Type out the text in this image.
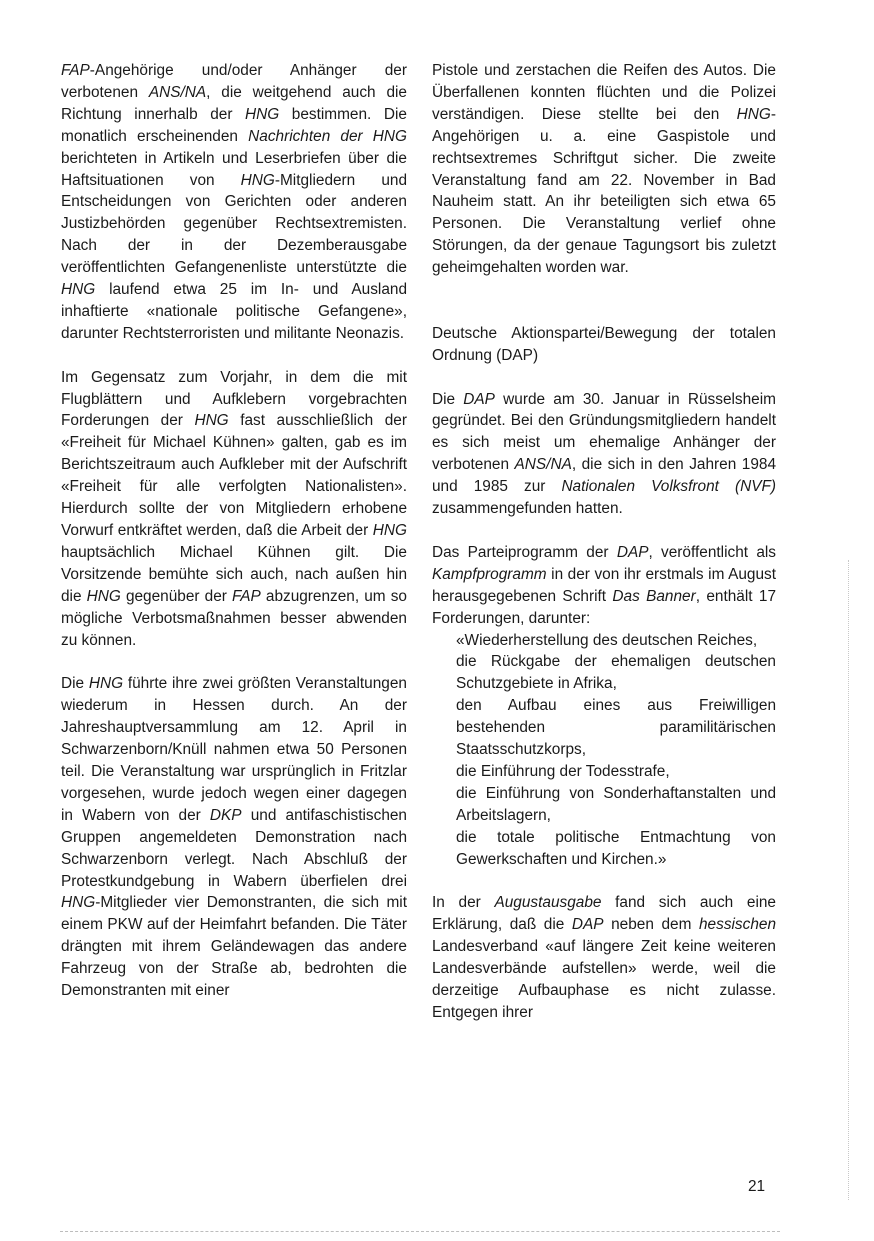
FAP-Angehörige und/oder Anhänger der verbotenen ANS/NA, die weitgehend auch die Richtung innerhalb der HNG bestimmen. Die monatlich erscheinenden Nachrichten der HNG berichteten in Artikeln und Leserbriefen über die Haftsituationen von HNG-Mitgliedern und Entscheidungen von Gerichten oder anderen Justizbehörden gegenüber Rechtsextremisten. Nach der in der Dezemberausgabe veröffentlichten Gefangenenliste unterstützte die HNG laufend etwa 25 im In- und Ausland inhaftierte «nationale politische Gefangene», darunter Rechtsterroristen und militante Neonazis.

Im Gegensatz zum Vorjahr, in dem die mit Flugblättern und Aufklebern vorgebrachten Forderungen der HNG fast ausschließlich der «Freiheit für Michael Kühnen» galten, gab es im Berichtszeitraum auch Aufkleber mit der Aufschrift «Freiheit für alle verfolgten Nationalisten». Hierdurch sollte der von Mitgliedern erhobene Vorwurf entkräftet werden, daß die Arbeit der HNG hauptsächlich Michael Kühnen gilt. Die Vorsitzende bemühte sich auch, nach außen hin die HNG gegenüber der FAP abzugrenzen, um so mögliche Verbotsmaßnahmen besser abwenden zu können.

Die HNG führte ihre zwei größten Veranstaltungen wiederum in Hessen durch. An der Jahreshauptversammlung am 12. April in Schwarzenborn/Knüll nahmen etwa 50 Personen teil. Die Veranstaltung war ursprünglich in Fritzlar vorgesehen, wurde jedoch wegen einer dagegen in Wabern von der DKP und antifaschistischen Gruppen angemeldeten Demonstration nach Schwarzenborn verlegt. Nach Abschluß der Protestkundgebung in Wabern überfielen drei HNG-Mitglieder vier Demonstranten, die sich mit einem PKW auf der Heimfahrt befanden. Die Täter drängten mit ihrem Geländewagen das andere Fahrzeug von der Straße ab, bedrohten die Demonstranten mit einer

Pistole und zerstachen die Reifen des Autos. Die Überfallenen konnten flüchten und die Polizei verständigen. Diese stellte bei den HNG-Angehörigen u. a. eine Gaspistole und rechtsextremes Schriftgut sicher. Die zweite Veranstaltung fand am 22. November in Bad Nauheim statt. An ihr beteiligten sich etwa 65 Personen. Die Veranstaltung verlief ohne Störungen, da der genaue Tagungsort bis zuletzt geheimgehalten worden war.

Deutsche Aktionspartei/Bewegung der totalen Ordnung (DAP)

Die DAP wurde am 30. Januar in Rüsselsheim gegründet. Bei den Gründungsmitgliedern handelt es sich meist um ehemalige Anhänger der verbotenen ANS/NA, die sich in den Jahren 1984 und 1985 zur Nationalen Volksfront (NVF) zusammengefunden hatten.

Das Parteiprogramm der DAP, veröffentlicht als Kampfprogramm in der von ihr erstmals im August herausgegebenen Schrift Das Banner, enthält 17 Forderungen, darunter:

«Wiederherstellung des deutschen Reiches,
die Rückgabe der ehemaligen deutschen Schutzgebiete in Afrika,
den Aufbau eines aus Freiwilligen bestehenden paramilitärischen Staatsschutzkorps,
die Einführung der Todesstrafe,
die Einführung von Sonderhaftanstalten und Arbeitslagern,
die totale politische Entmachtung von Gewerkschaften und Kirchen.»

In der Augustausgabe fand sich auch eine Erklärung, daß die DAP neben dem hessischen Landesverband «auf längere Zeit keine weiteren Landesverbände aufstellen» werde, weil die derzeitige Aufbauphase es nicht zulasse. Entgegen ihrer

21
